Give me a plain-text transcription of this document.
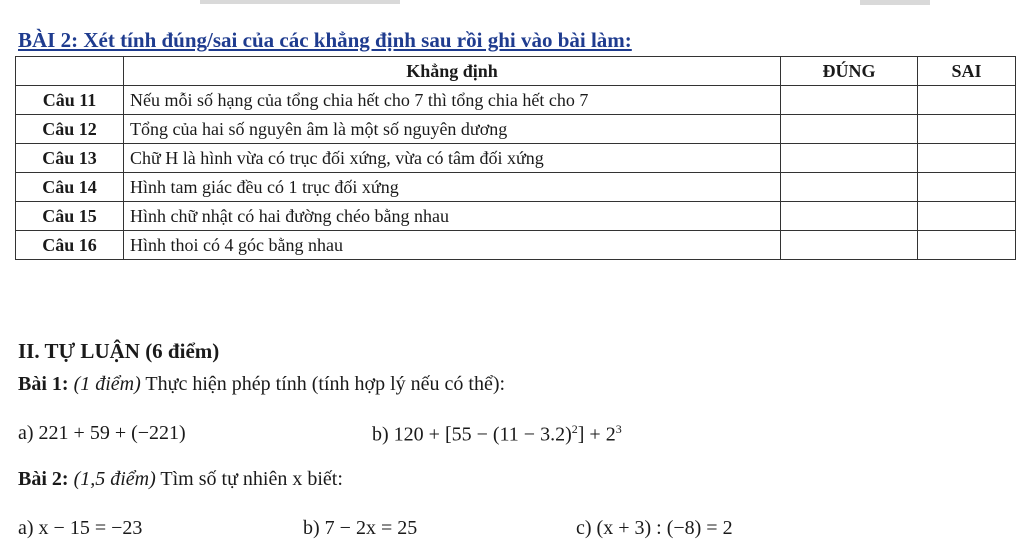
BÀI 2: Xét tính đúng/sai của các khẳng định sau rồi ghi vào bài làm:
	Khẳng định	ĐÚNG	SAI
Câu 11	Nếu mỗi số hạng của tổng chia hết cho 7 thì tổng chia hết cho 7		
Câu 12	Tổng của hai số nguyên âm là một số nguyên dương		
Câu 13	Chữ H là hình vừa có trục đối xứng, vừa có tâm đối xứng		
Câu 14	Hình tam giác đều có 1 trục đối xứng		
Câu 15	Hình chữ nhật có hai đường chéo bằng nhau		
Câu 16	Hình thoi có 4 góc bằng nhau		
II. TỰ LUẬN (6 điểm)
Bài 1: (1 điểm) Thực hiện phép tính (tính hợp lý nếu có thể):
a) 221 + 59 + (−221)	b) $120 + [55 - (11 - 3.2)^2] + 2^3$
Bài 2: (1,5 điểm) Tìm số tự nhiên x biết:
a) x − 15 = −23	b) 7 − 2x = 25	c) (x + 3) : (−8) = 2
